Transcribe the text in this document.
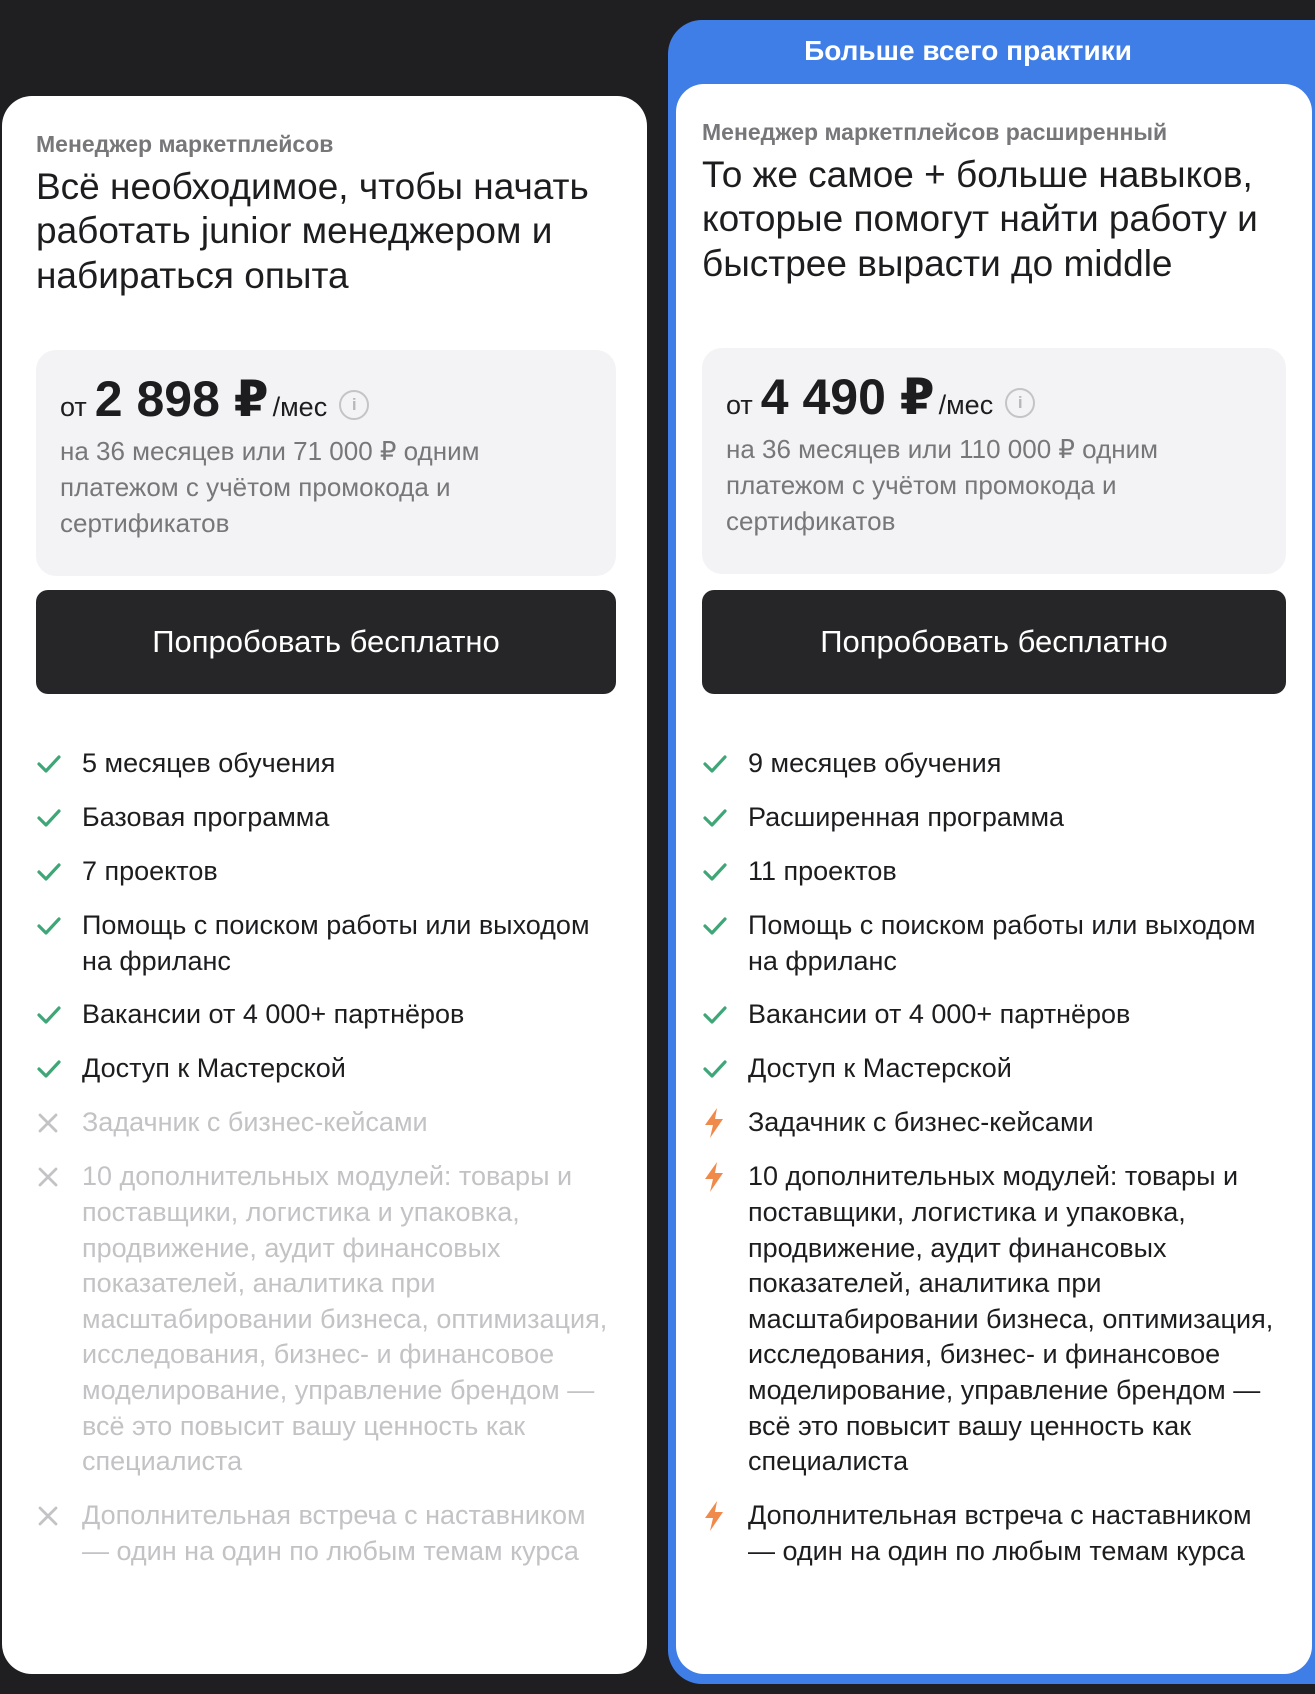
Менеджер маркетплейсов

Всё необходимое, чтобы начать работать junior менеджером и набираться опыта
от 2 898 ₽ /мес	i
на 36 месяцев или 71 000 ₽ одним платежом с учётом промокода и сертификатов
Попробовать бесплатно
5 месяцев обучения
Базовая программа
7 проектов
Помощь с поиском работы или выходом на фриланс
Вакансии от 4 000+ партнёров
Доступ к Мастерской
Задачник с бизнес-кейсами
10 дополнительных модулей: товары и поставщики, логистика и упаковка, продвижение, аудит финансовых показателей, аналитика при масштабировании бизнеса, оптимизация, исследования, бизнес- и финансовое моделирование, управление брендом — всё это повысит вашу ценность как специалиста
Дополнительная встреча с наставником — один на один по любым темам курса
Больше всего практики

Менеджер маркетплейсов расширенный

То же самое + больше навыков, которые помогут найти работу и быстрее вырасти до middle
от 4 490 ₽ /мес	i
на 36 месяцев или 110 000 ₽ одним платежом с учётом промокода и сертификатов
Попробовать бесплатно
9 месяцев обучения
Расширенная программа
11 проектов
Помощь с поиском работы или выходом на фриланс
Вакансии от 4 000+ партнёров
Доступ к Мастерской
Задачник с бизнес-кейсами
10 дополнительных модулей: товары и поставщики, логистика и упаковка, продвижение, аудит финансовых показателей, аналитика при масштабировании бизнеса, оптимизация, исследования, бизнес- и финансовое моделирование, управление брендом — всё это повысит вашу ценность как специалиста
Дополнительная встреча с наставником — один на один по любым темам курса
